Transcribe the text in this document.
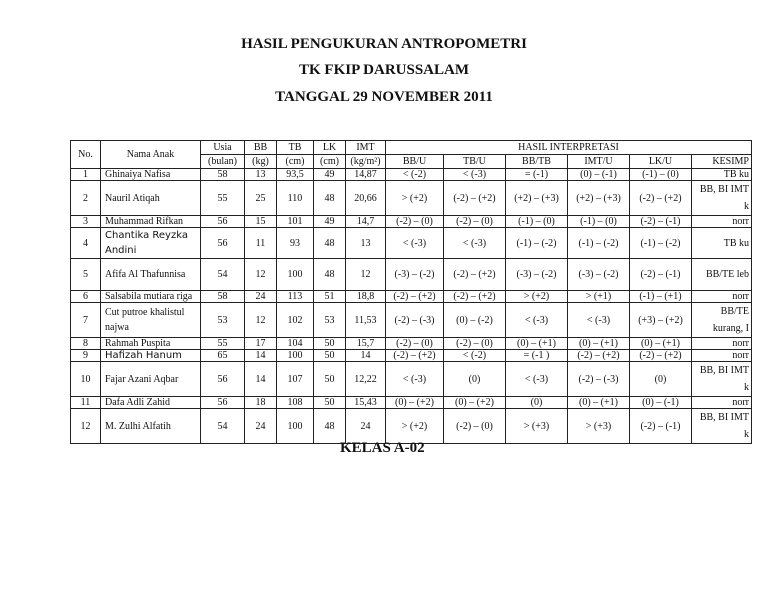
HASIL PENGUKURAN ANTROPOMETRI
TK FKIP DARUSSALAM
TANGGAL 29 NOVEMBER 2011
No.	Nama Anak	Usia	BB	TB	LK	IMT	HASIL INTERPRETASI					
		(bulan)	(kg)	(cm)	(cm)	(kg/m²)	BB/U	TB/U	BB/TB	IMT/U	LK/U	KESIMP
1	Ghinaiya Nafisa	58	13	93,5	49	14,87	< (-2)	< (-3)	= (-1)	(0) – (-1)	(-1) – (0)	TB ku
2	Nauril Atiqah	55	25	110	48	20,66	> (+2)	(-2) – (+2)	(+2) – (+3)	(+2) – (+3)	(-2) – (+2)	BB, BI IMT k
3	Muhammad Rifkan	56	15	101	49	14,7	(-2) – (0)	(-2) – (0)	(-1) – (0)	(-1) – (0)	(-2) – (-1)	norr
4	Chantika Reyzka Andini	56	11	93	48	13	< (-3)	< (-3)	(-1) – (-2)	(-1) – (-2)	(-1) – (-2)	TB ku
5	Afifa Al Thafunnisa	54	12	100	48	12	(-3) – (-2)	(-2) – (+2)	(-3) – (-2)	(-3) – (-2)	(-2) – (-1)	BB/TE leb
6	Salsabila mutiara riga	58	24	113	51	18,8	(-2) – (+2)	(-2) – (+2)	> (+2)	> (+1)	(-1) – (+1)	norr
7	Cut putroe khalistul najwa	53	12	102	53	11,53	(-2) – (-3)	(0) – (-2)	< (-3)	< (-3)	(+3) – (+2)	BB/TE kurang, I
8	Rahmah Puspita	55	17	104	50	15,7	(-2) – (0)	(-2) – (0)	(0) – (+1)	(0) – (+1)	(0) – (+1)	norr
9	Hafizah Hanum	65	14	100	50	14	(-2) – (+2)	< (-2)	= (-1 )	(-2) – (+2)	(-2) – (+2)	norr
10	Fajar Azani Aqbar	56	14	107	50	12,22	< (-3)	(0)	< (-3)	(-2) – (-3)	(0)	BB, BI IMT k
11	Dafa Adli Zahid	56	18	108	50	15,43	(0) – (+2)	(0) – (+2)	(0)	(0) – (+1)	(0) – (-1)	norr
12	M. Zulhi Alfatih	54	24	100	48	24	> (+2)	(-2) – (0)	> (+3)	> (+3)	(-2) – (-1)	BB, BI IMT k
KELAS A-02
